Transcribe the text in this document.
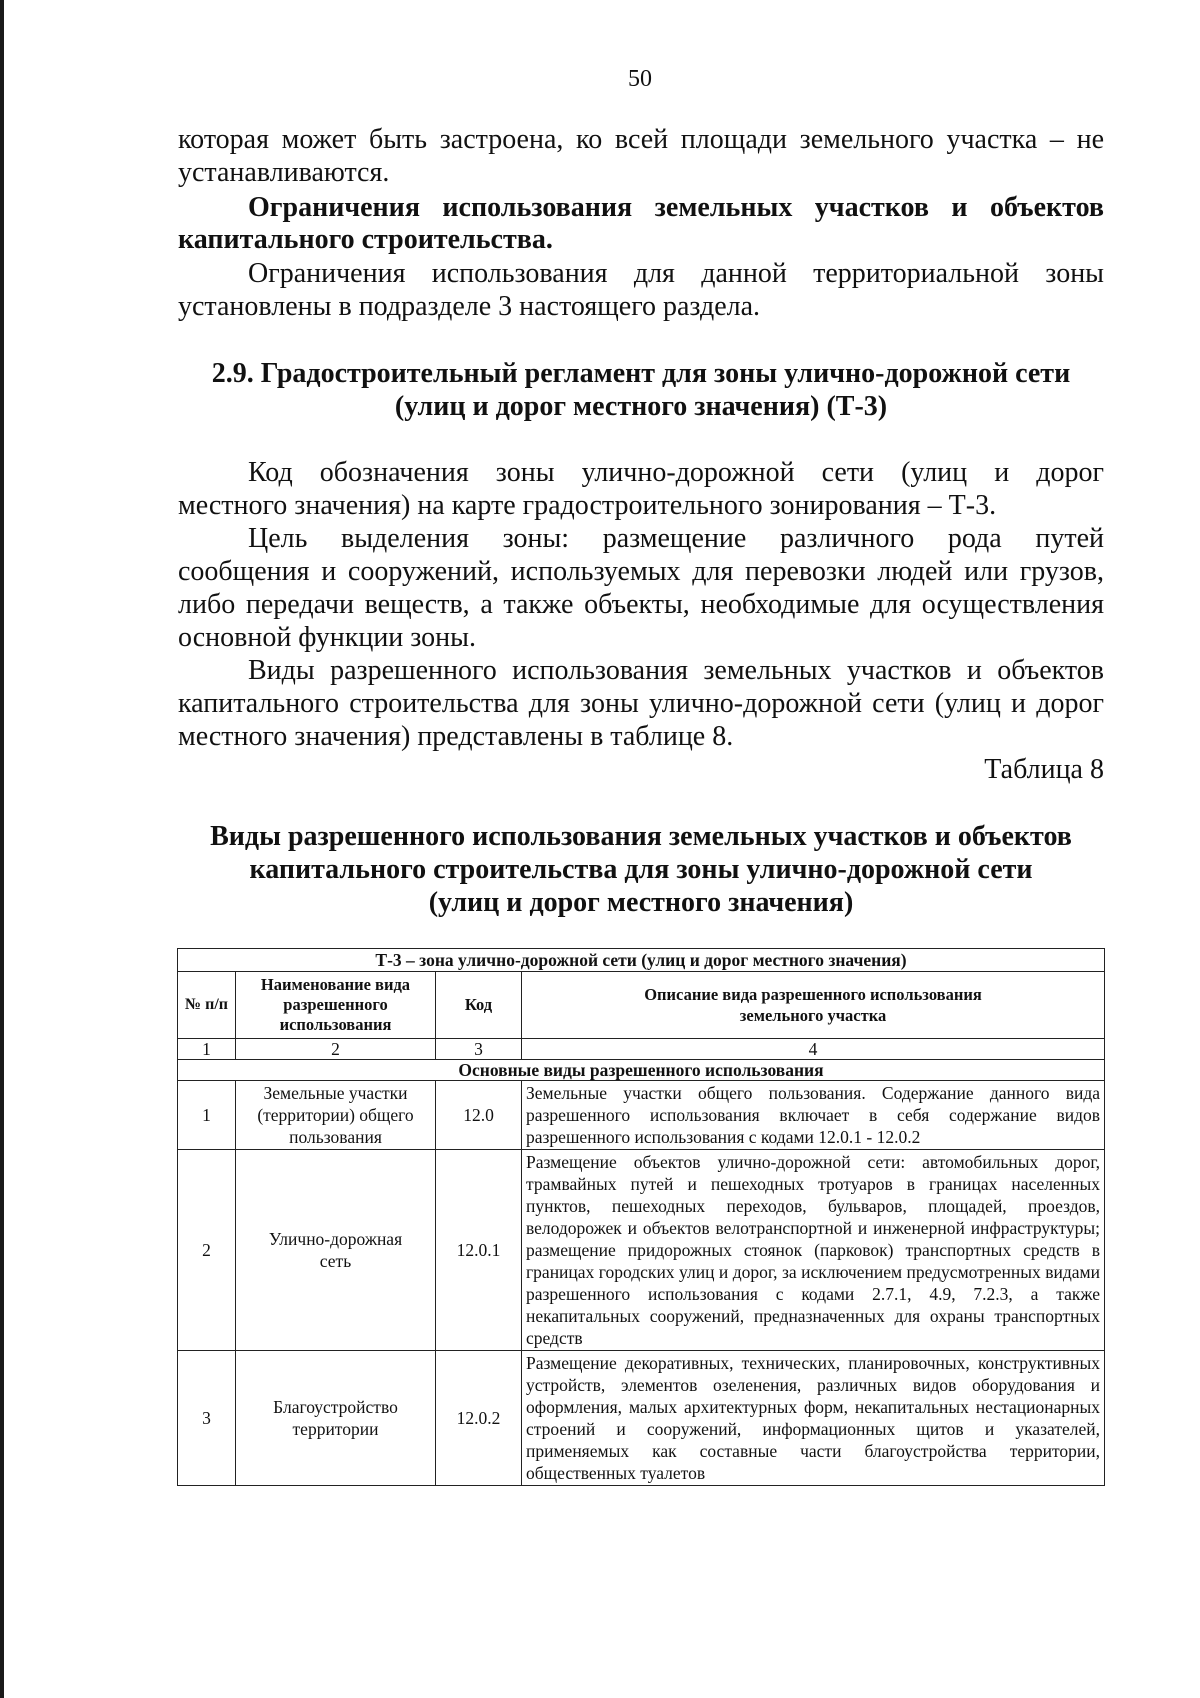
50
которая может быть застроена, ко всей площади земельного участка – не
устанавливаются.
Ограничения использования земельных участков и объектов
капитального строительства.
Ограничения использования для данной территориальной зоны
установлены в подразделе 3 настоящего раздела.
2.9. Градостроительный регламент для зоны улично-дорожной сети
(улиц и дорог местного значения) (Т-3)
Код обозначения зоны улично-дорожной сети (улиц и дорог
местного значения) на карте градостроительного зонирования – Т-3.
Цель выделения зоны: размещение различного рода путей
сообщения и сооружений, используемых для перевозки людей или грузов,
либо передачи веществ, а также объекты, необходимые для осуществления
основной функции зоны.
Виды разрешенного использования земельных участков и объектов
капитального строительства для зоны улично-дорожной сети (улиц и дорог
местного значения) представлены в таблице 8.
Таблица 8
Виды разрешенного использования земельных участков и объектов
капитального строительства для зоны улично-дорожной сети
(улиц и дорог местного значения)
Т-3 – зона улично-дорожной сети (улиц и дорог местного значения)			
№ п/п	Наименование вида разрешенного использования	Код	Описание вида разрешенного использования земельного участка
1	2	3	4
Основные виды разрешенного использования			
1	Земельные участки (территории) общего пользования	12.0	Земельные участки общего пользования. Содержание данного вида разрешенного использования включает в себя содержание видов разрешенного использования с кодами 12.0.1 - 12.0.2
2	Улично-дорожная сеть	12.0.1	Размещение объектов улично-дорожной сети: автомобильных дорог, трамвайных путей и пешеходных тротуаров в границах населенных пунктов, пешеходных переходов, бульваров, площадей, проездов, велодорожек и объектов велотранспортной и инженерной инфраструктуры; размещение придорожных стоянок (парковок) транспортных средств в границах городских улиц и дорог, за исключением предусмотренных видами разрешенного использования с кодами 2.7.1, 4.9, 7.2.3, а также некапитальных сооружений, предназначенных для охраны транспортных средств
3	Благоустройство территории	12.0.2	Размещение декоративных, технических, планировочных, конструктивных устройств, элементов озеленения, различных видов оборудования и оформления, малых архитектурных форм, некапитальных нестационарных строений и сооружений, информационных щитов и указателей, применяемых как составные части благоустройства территории, общественных туалетов
